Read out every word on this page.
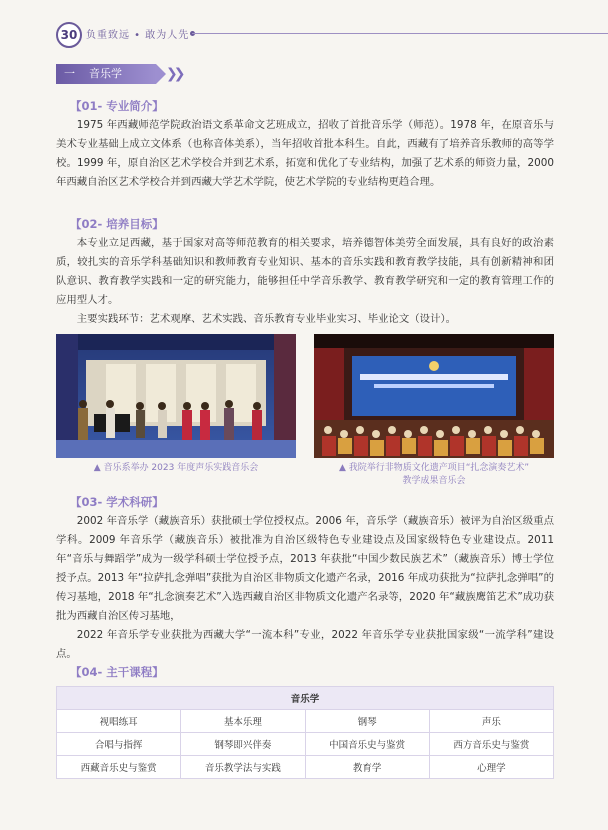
30 负重致远 • 敢为人先
一 音乐学	❯❯
【01- 专业简介】
1975 年西藏师范学院政治语文系革命文艺班成立，招收了首批音乐学（师范）。1978 年，在原音乐与美术专业基础上成立文体系（也称音体美系），当年招收首批本科生。自此，西藏有了培养音乐教师的高等学校。1999 年，原自治区艺术学校合并到艺术系，拓宽和优化了专业结构，加强了艺术系的师资力量，2000 年西藏自治区艺术学校合并到西藏大学艺术学院，使艺术学院的专业结构更趋合理。
【02- 培养目标】
本专业立足西藏，基于国家对高等师范教育的相关要求，培养德智体美劳全面发展，具有良好的政治素质，较扎实的音乐学科基础知识和教师教育专业知识、基本的音乐实践和教育教学技能，具有创新精神和团队意识、教育教学实践和一定的研究能力，能够担任中学音乐教学、教育教学研究和一定的教育管理工作的应用型人才。
主要实践环节：艺术观摩、艺术实践、音乐教育专业毕业实习、毕业论文（设计）。
▲ 音乐系举办 2023 年度声乐实践音乐会	▲ 我院举行非物质文化遗产项目“扎念演奏艺术”
教学成果音乐会
【03- 学术科研】
2002 年音乐学（藏族音乐）获批硕士学位授权点。2006 年，音乐学（藏族音乐）被评为自治区级重点学科。2009 年音乐学（藏族音乐）被批准为自治区级特色专业建设点及国家级特色专业建设点。2011 年“音乐与舞蹈学”成为一级学科硕士学位授予点，2013 年获批“中国少数民族艺术”（藏族音乐）博士学位授予点。2013 年“拉萨扎念弹唱”获批为自治区非物质文化遗产名录，2016 年成功获批为“拉萨扎念弹唱”的传习基地，2018 年“扎念演奏艺术”入选西藏自治区非物质文化遗产名录等，2020 年“藏族鹰笛艺术”成功获批为西藏自治区传习基地，
2022 年音乐学专业获批为西藏大学“一流本科”专业，2022 年音乐学专业获批国家级“一流学科”建设点。
【04- 主干课程】
音乐学			
视唱练耳	基本乐理	钢琴	声乐
合唱与指挥	钢琴即兴伴奏	中国音乐史与鉴赏	西方音乐史与鉴赏
西藏音乐史与鉴赏	音乐教学法与实践	教育学	心理学
